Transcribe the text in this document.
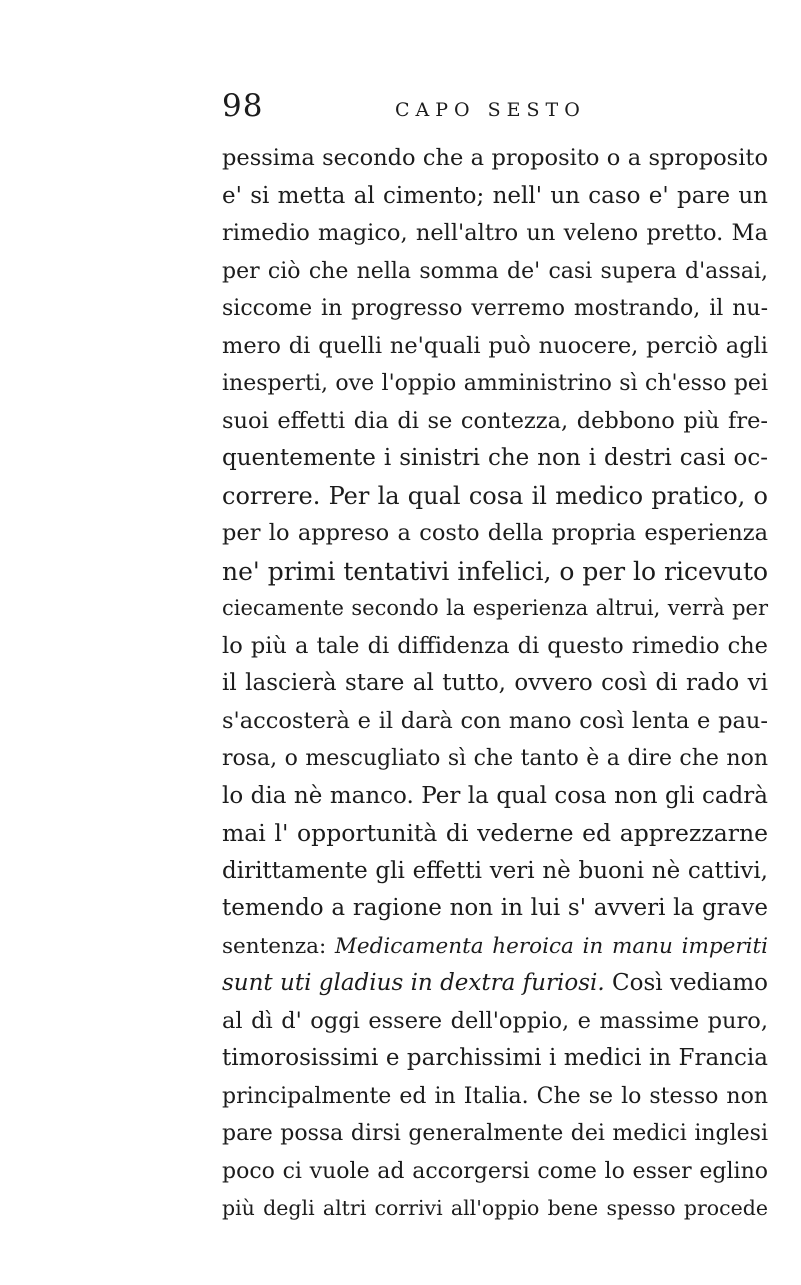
98	CAPO SESTO
pessima secondo che a proposito o a sproposito
e' si metta al cimento; nell' un caso e' pare un
rimedio magico, nell'altro un veleno pretto. Ma
per ciò che nella somma de' casi supera d'assai,
siccome in progresso verremo mostrando, il nu-
mero di quelli ne'quali può nuocere, perciò agli
inesperti, ove l'oppio amministrino sì ch'esso pei
suoi effetti dia di se contezza, debbono più fre-
quentemente i sinistri che non i destri casi oc-
correre. Per la qual cosa il medico pratico, o
per lo appreso a costo della propria esperienza
ne' primi tentativi infelici, o per lo ricevuto
ciecamente secondo la esperienza altrui, verrà per
lo più a tale di diffidenza di questo rimedio che
il lascierà stare al tutto, ovvero così di rado vi
s'accosterà e il darà con mano così lenta e pau-
rosa, o mescugliato sì che tanto è a dire che non
lo dia nè manco. Per la qual cosa non gli cadrà
mai l' opportunità di vederne ed apprezzarne
dirittamente gli effetti veri nè buoni nè cattivi,
temendo a ragione non in lui s' avveri la grave
sentenza: Medicamenta heroica in manu imperiti
sunt uti gladius in dextra furiosi. Così vediamo
al dì d' oggi essere dell'oppio, e massime puro,
timorosissimi e parchissimi i medici in Francia
principalmente ed in Italia. Che se lo stesso non
pare possa dirsi generalmente dei medici inglesi
poco ci vuole ad accorgersi come lo esser eglino
più degli altri corrivi all'oppio bene spesso procede
